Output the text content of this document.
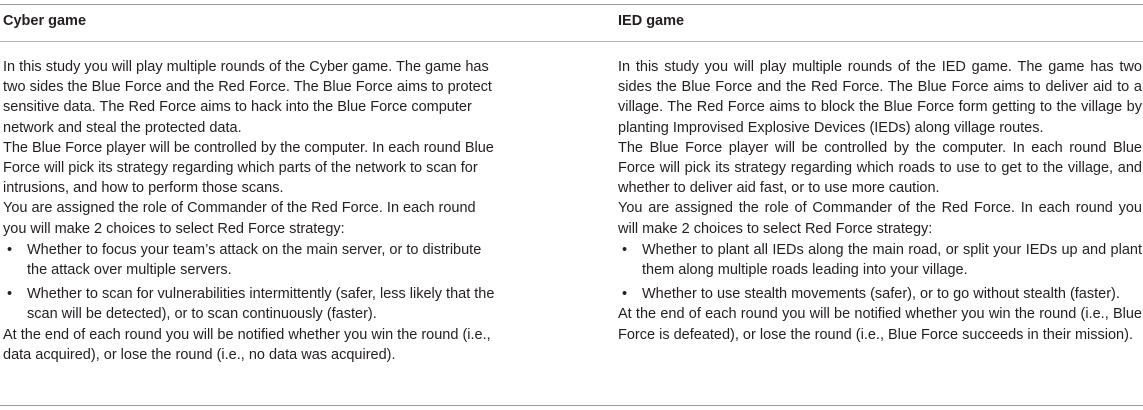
Cyber game

In this study you will play multiple rounds of the Cyber game. The game has two sides the Blue Force and the Red Force. The Blue Force aims to protect sensitive data. The Red Force aims to hack into the Blue Force computer network and steal the protected data.

The Blue Force player will be controlled by the computer. In each round Blue Force will pick its strategy regarding which parts of the network to scan for intrusions, and how to perform those scans.

You are assigned the role of Commander of the Red Force. In each round you will make 2 choices to select Red Force strategy:

• Whether to focus your team’s attack on the main server, or to distribute the attack over multiple servers.
• Whether to scan for vulnerabilities intermittently (safer, less likely that the scan will be detected), or to scan continuously (faster).

At the end of each round you will be notified whether you win the round (i.e., data acquired), or lose the round (i.e., no data was acquired).

IED game

In this study you will play multiple rounds of the IED game. The game has two sides the Blue Force and the Red Force. The Blue Force aims to deliver aid to a village. The Red Force aims to block the Blue Force form getting to the village by planting Improvised Explosive Devices (IEDs) along village routes.

The Blue Force player will be controlled by the computer. In each round Blue Force will pick its strategy regarding which roads to use to get to the village, and whether to deliver aid fast, or to use more caution.

You are assigned the role of Commander of the Red Force. In each round you will make 2 choices to select Red Force strategy:

• Whether to plant all IEDs along the main road, or split your IEDs up and plant them along multiple roads leading into your village.
• Whether to use stealth movements (safer), or to go without stealth (faster).

At the end of each round you will be notified whether you win the round (i.e., Blue Force is defeated), or lose the round (i.e., Blue Force succeeds in their mission).
